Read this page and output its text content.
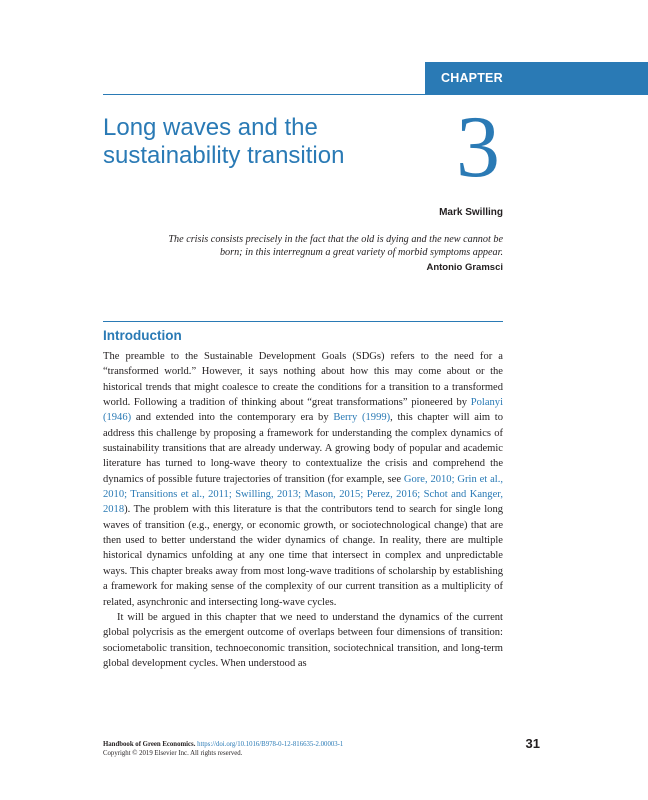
CHAPTER
Long waves and the
sustainability transition	3
Mark Swilling
The crisis consists precisely in the fact that the old is dying and the new cannot be
born; in this interregnum a great variety of morbid symptoms appear.
Antonio Gramsci
Introduction

The preamble to the Sustainable Development Goals (SDGs) refers to the need for a “transformed world.” However, it says nothing about how this may come about or the historical trends that might coalesce to create the conditions for a transition to a transformed world. Following a tradition of thinking about “great transformations” pioneered by Polanyi (1946) and extended into the contemporary era by Berry (1999), this chapter will aim to address this challenge by proposing a framework for understanding the complex dynamics of sustainability transitions that are already underway. A growing body of popular and academic literature has turned to long-wave theory to contextualize the crisis and comprehend the dynamics of possible future trajectories of transition (for example, see Gore, 2010; Grin et al., 2010; Transitions et al., 2011; Swilling, 2013; Mason, 2015; Perez, 2016; Schot and Kanger, 2018). The problem with this literature is that the contributors tend to search for single long waves of transition (e.g., energy, or economic growth, or sociotechnological change) that are then used to better understand the wider dynamics of change. In reality, there are multiple historical dynamics unfolding at any one time that intersect in complex and unpredictable ways. This chapter breaks away from most long-wave traditions of scholarship by establishing a framework for making sense of the complexity of our current transition as a multiplicity of related, asynchronic and intersecting long-wave cycles.

It will be argued in this chapter that we need to understand the dynamics of the current global polycrisis as the emergent outcome of overlaps between four dimensions of transition: sociometabolic transition, technoeconomic transition, sociotechnical transition, and long-term global development cycles. When understood as

Handbook of Green Economics. https://doi.org/10.1016/B978-0-12-816635-2.00003-1
Copyright © 2019 Elsevier Inc. All rights reserved.
31
